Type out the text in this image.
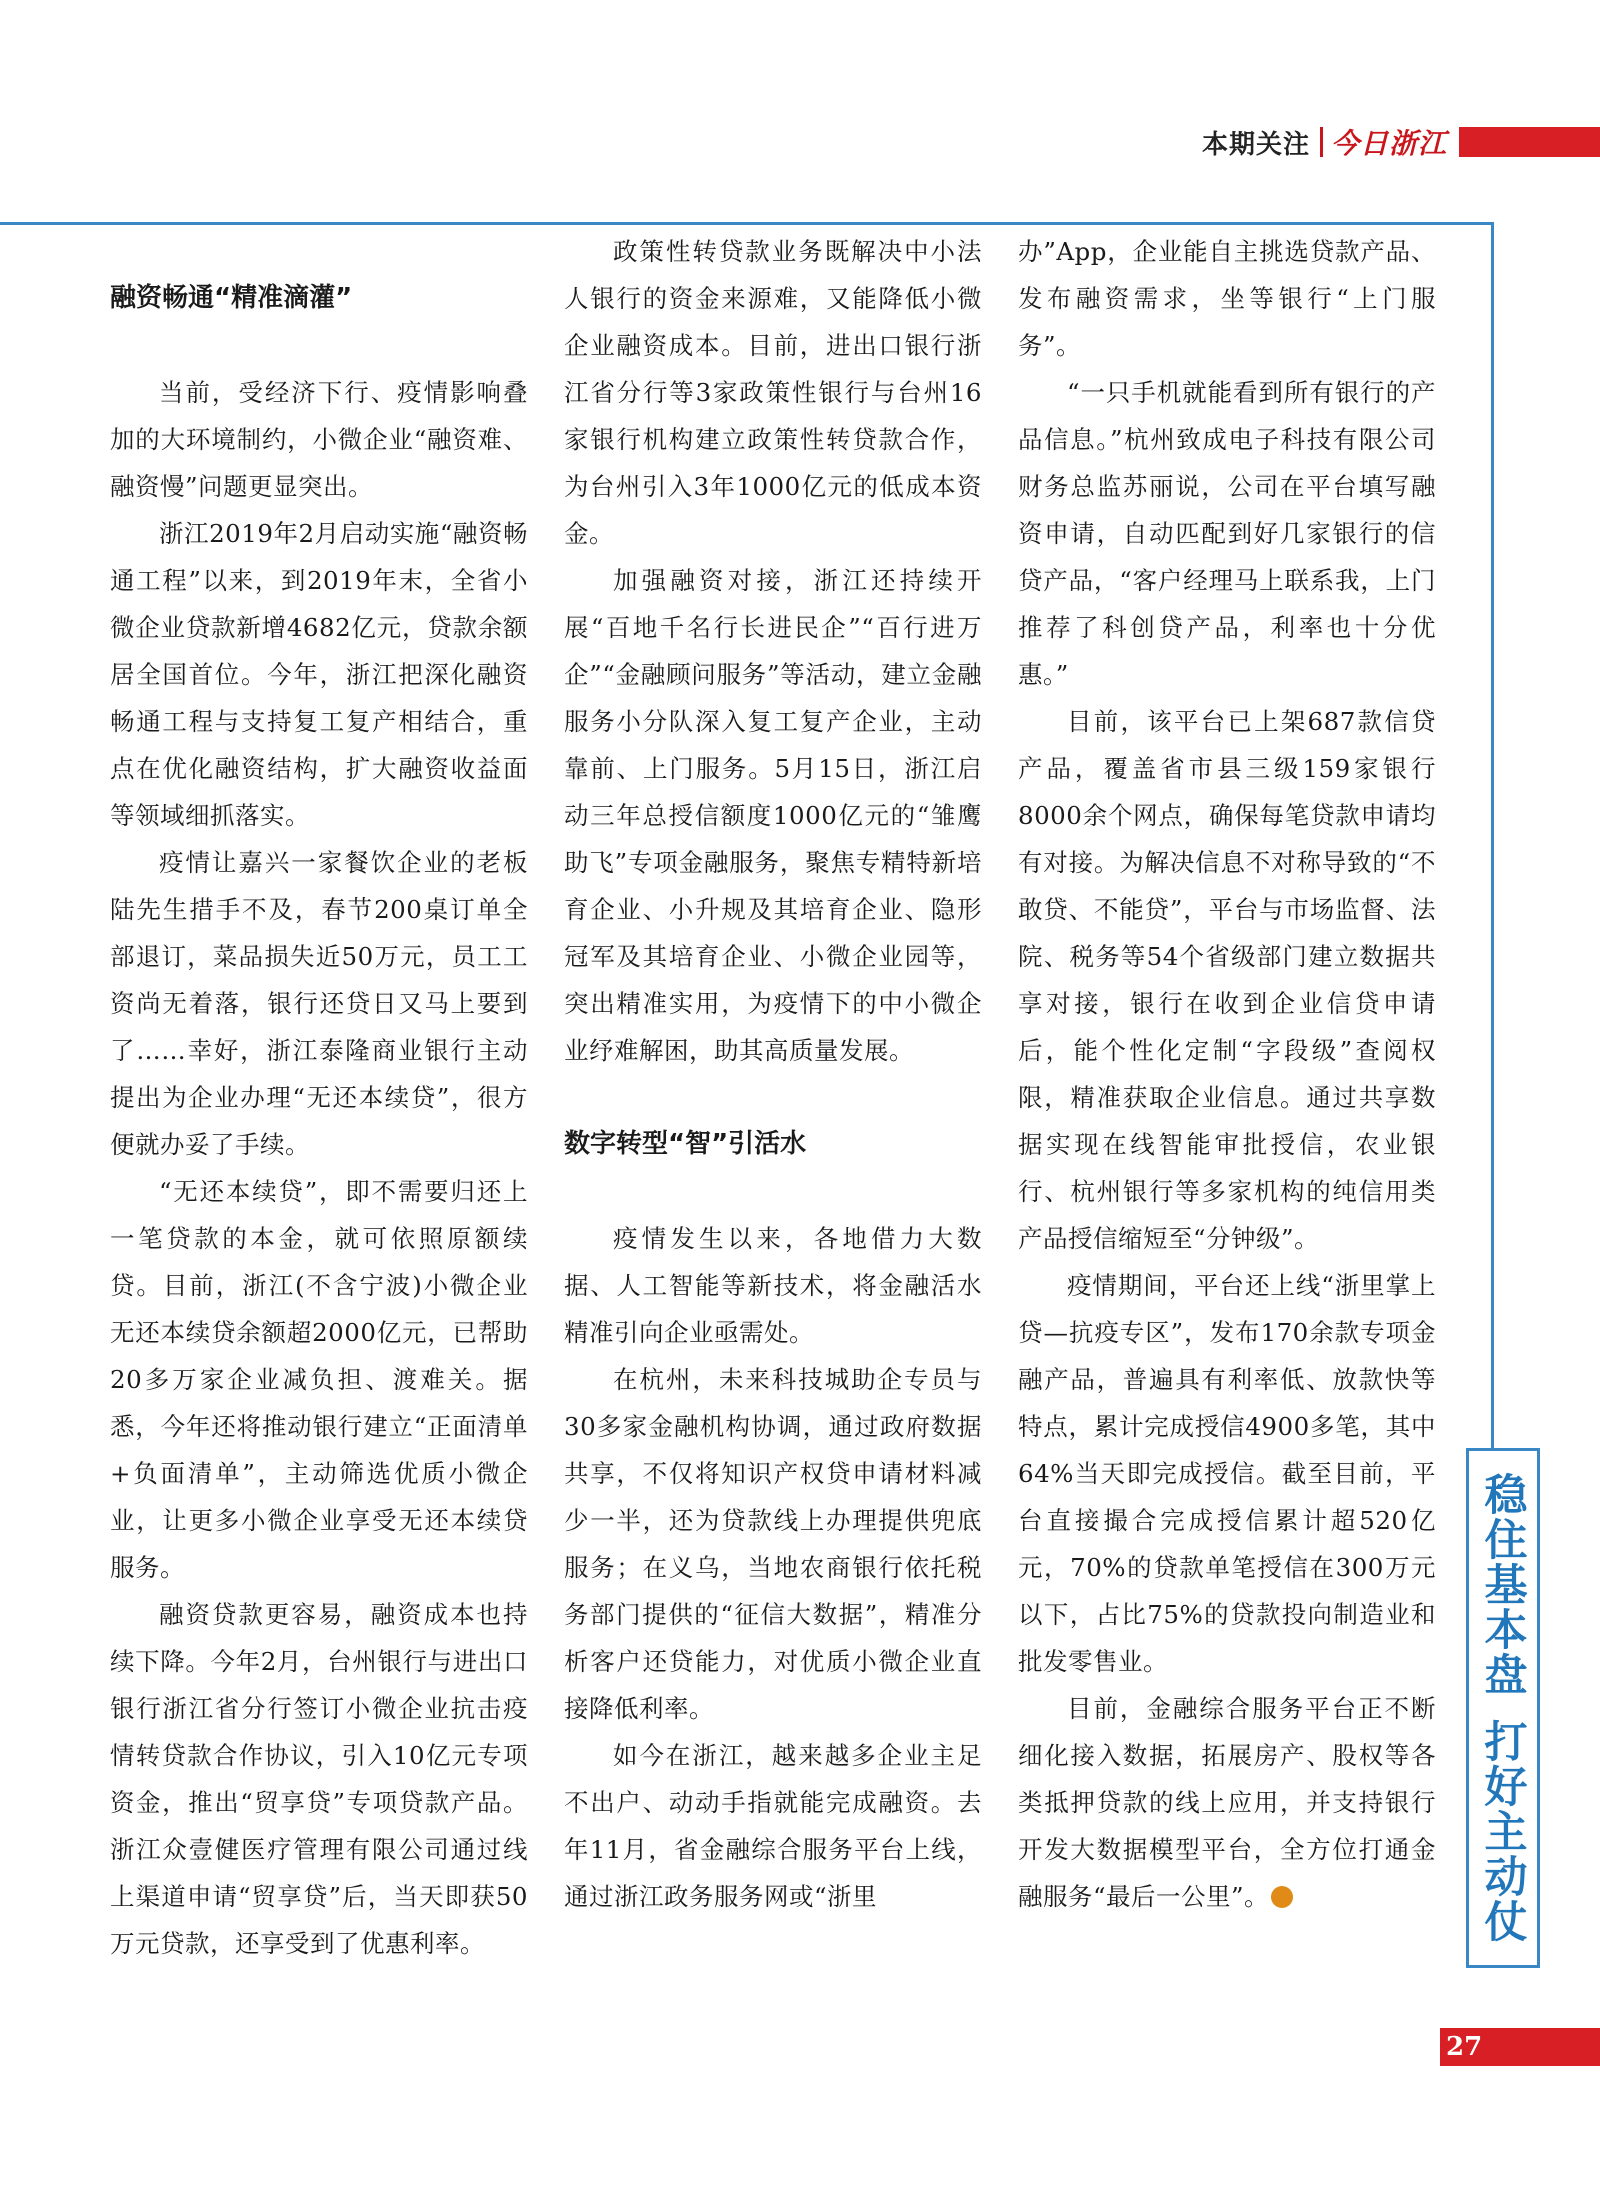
本期关注 今日浙江
融资畅通“精准滴灌”

当前，受经济下行、疫情影响叠加的大环境制约，小微企业“融资难、融资慢”问题更显突出。

浙江2019年2月启动实施“融资畅通工程”以来，到2019年末，全省小微企业贷款新增4682亿元，贷款余额居全国首位。今年，浙江把深化融资畅通工程与支持复工复产相结合，重点在优化融资结构，扩大融资收益面等领域细抓落实。

疫情让嘉兴一家餐饮企业的老板陆先生措手不及，春节200桌订单全部退订，菜品损失近50万元，员工工资尚无着落，银行还贷日又马上要到了……幸好，浙江泰隆商业银行主动提出为企业办理“无还本续贷”，很方便就办妥了手续。

“无还本续贷”，即不需要归还上一笔贷款的本金，就可依照原额续贷。目前，浙江(不含宁波)小微企业无还本续贷余额超2000亿元，已帮助20多万家企业减负担、渡难关。据悉，今年还将推动银行建立“正面清单+负面清单”，主动筛选优质小微企业，让更多小微企业享受无还本续贷服务。

融资贷款更容易，融资成本也持续下降。今年2月，台州银行与进出口银行浙江省分行签订小微企业抗击疫情转贷款合作协议，引入10亿元专项资金，推出“贸享贷”专项贷款产品。浙江众壹健医疗管理有限公司通过线上渠道申请“贸享贷”后，当天即获50万元贷款，还享受到了优惠利率。

政策性转贷款业务既解决中小法人银行的资金来源难，又能降低小微企业融资成本。目前，进出口银行浙江省分行等3家政策性银行与台州16家银行机构建立政策性转贷款合作，为台州引入3年1000亿元的低成本资金。

加强融资对接，浙江还持续开展“百地千名行长进民企”“百行进万企”“金融顾问服务”等活动，建立金融服务小分队深入复工复产企业，主动靠前、上门服务。5月15日，浙江启动三年总授信额度1000亿元的“雏鹰助飞”专项金融服务，聚焦专精特新培育企业、小升规及其培育企业、隐形冠军及其培育企业、小微企业园等，突出精准实用，为疫情下的中小微企业纾难解困，助其高质量发展。

数字转型“智”引活水

疫情发生以来，各地借力大数据、人工智能等新技术，将金融活水精准引向企业亟需处。

在杭州，未来科技城助企专员与30多家金融机构协调，通过政府数据共享，不仅将知识产权贷申请材料减少一半，还为贷款线上办理提供兜底服务；在义乌，当地农商银行依托税务部门提供的“征信大数据”，精准分析客户还贷能力，对优质小微企业直接降低利率。

如今在浙江，越来越多企业主足不出户、动动手指就能完成融资。去年11月，省金融综合服务平台上线，通过浙江政务服务网或“浙里

办”App，企业能自主挑选贷款产品、发布融资需求，坐等银行“上门服务”。

“一只手机就能看到所有银行的产品信息。”杭州致成电子科技有限公司财务总监苏丽说，公司在平台填写融资申请，自动匹配到好几家银行的信贷产品，“客户经理马上联系我，上门推荐了科创贷产品，利率也十分优惠。”

目前，该平台已上架687款信贷产品，覆盖省市县三级159家银行8000余个网点，确保每笔贷款申请均有对接。为解决信息不对称导致的“不敢贷、不能贷”，平台与市场监督、法院、税务等54个省级部门建立数据共享对接，银行在收到企业信贷申请后，能个性化定制“字段级”查阅权限，精准获取企业信息。通过共享数据实现在线智能审批授信，农业银行、杭州银行等多家机构的纯信用类产品授信缩短至“分钟级”。

疫情期间，平台还上线“浙里掌上贷—抗疫专区”，发布170余款专项金融产品，普遍具有利率低、放款快等特点，累计完成授信4900多笔，其中64%当天即完成授信。截至目前，平台直接撮合完成授信累计超520亿元，70%的贷款单笔授信在300万元以下，占比75%的贷款投向制造业和批发零售业。

目前，金融综合服务平台正不断细化接入数据，拓展房产、股权等各类抵押贷款的线上应用，并支持银行开发大数据模型平台，全方位打通金融服务“最后一公里”。

稳住基本盘
打好主动仗
27
